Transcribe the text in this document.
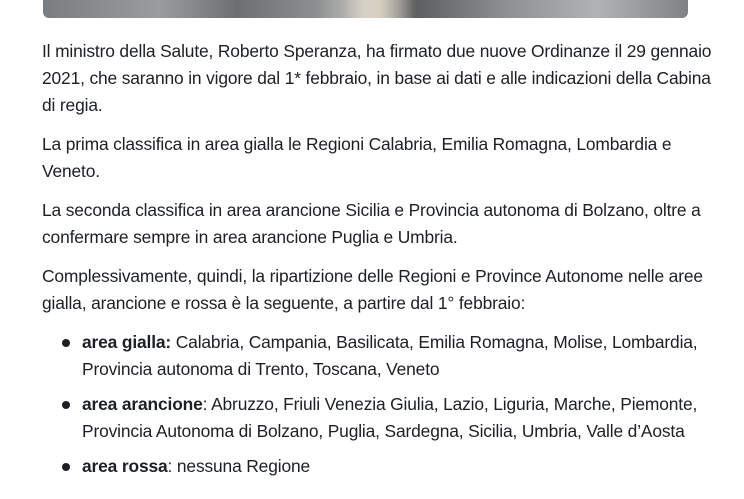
Il ministro della Salute, Roberto Speranza, ha firmato due nuove Ordinanze il 29 gennaio 2021, che saranno in vigore dal 1* febbraio, in base ai dati e alle indicazioni della Cabina di regia.

La prima classifica in area gialla le Regioni Calabria, Emilia Romagna, Lombardia e Veneto.

La seconda classifica in area arancione Sicilia e Provincia autonoma di Bolzano, oltre a confermare sempre in area arancione Puglia e Umbria.

Complessivamente, quindi, la ripartizione delle Regioni e Province Autonome nelle aree gialla, arancione e rossa è la seguente, a partire dal 1° febbraio:

area gialla: Calabria, Campania, Basilicata, Emilia Romagna, Molise, Lombardia, Provincia autonoma di Trento, Toscana, Veneto
area arancione: Abruzzo, Friuli Venezia Giulia, Lazio, Liguria, Marche, Piemonte, Provincia Autonoma di Bolzano, Puglia, Sardegna, Sicilia, Umbria, Valle d’Aosta
area rossa: nessuna Regione
